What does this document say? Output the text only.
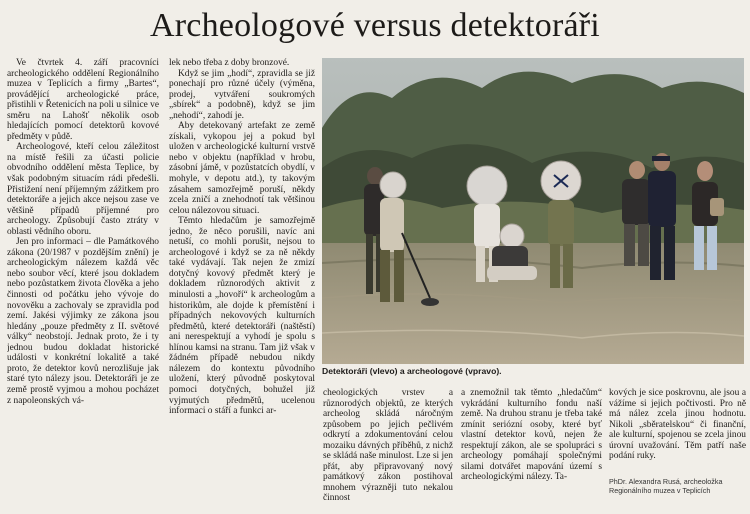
Archeologové versus detektoráři

Ve čtvrtek 4. září pracovníci archeologického oddělení Regionálního muzea v Teplicích a firmy „Bartes“, provádějící archeologické práce, přistihli v Řetenicích na poli u silnice ve směru na Lahošť několik osob hledajících pomocí detektorů kovové předměty v půdě.

Archeologové, kteří celou záležitost na místě řešili za účasti policie obvodního oddělení města Teplice, by však podobným situacím rádi předešli. Přistižení není příjemným zážitkem pro detektoráře a jejich akce nejsou zase ve většině případů příjemné pro archeology. Způsobují často ztráty v oblasti vědního oboru.

Jen pro informaci – dle Památkového zákona (20/1987 v pozdějším znění) je archeologickým nálezem každá věc nebo soubor věcí, které jsou dokladem nebo pozůstatkem života člověka a jeho činnosti od počátku jeho vývoje do novověku a zachovaly se zpravidla pod zemí. Jakési výjimky ze zákona jsou hledány „pouze předměty z II. světové války“ neobstojí. Jednak proto, že i ty jednou budou dokladat historické události v konkrétní lokalitě a také proto, že detektor kovů nerozlišuje jak staré tyto nálezy jsou. Detektoráři je ze země prostě vyjmou a mohou pocházet z napoleonských vá-

lek nebo třeba z doby bronzové.

Když se jim „hodí“, zpravidla se již ponechají pro různé účely (výměna, prodej, vytváření soukromých „sbírek“ a podobně), když se jim „nehodí“, zahodí je.

Aby detekovaný artefakt ze země získali, vykopou jej a pokud byl uložen v archeologické kulturní vrstvě nebo v objektu (například v hrobu, zásobní jámě, v pozůstatcích obydlí, v mohyle, v depotu atd.), ty takovým zásahem samozřejmě poruší, někdy zcela zničí a znehodnotí tak většinou celou nálezovou situaci.

Těmto hledačům je samozřejmě jedno, že něco porušili, navíc ani netuší, co mohli porušit, nejsou to archeologové i když se za ně někdy také vydávají. Tak nejen že zmizí dotyčný kovový předmět který je dokladem různorodých aktivit z minulosti a „hovoří“ k archeologům a historikům, ale dojde k přemístění i případných nekovových kulturních předmětů, které detektoráři (naštěstí) ani nerespektují a vyhodí je spolu s hlínou kamsi na stranu. Tam již však v žádném případě nebudou nikdy nálezem do kontextu původního uložení, který původně poskytoval pomoci dotyčných, bohužel již vyjmutých předmětů, ucelenou informaci o stáří a funkci ar-

Detektoráři (vlevo) a archeologové (vpravo).

cheologických vrstev a různorodých objektů, ze kterých archeolog skládá náročným způsobem po jejich pečlivém odkrytí a zdokumentování celou mozaiku dávných příběhů, z nichž se skládá naše minulost. Lze si jen přát, aby připravovaný nový památkový zákon postihoval mnohem výrazněji tuto nekalou činnost

a znemožnil tak těmto „hledačům“ vykrádání kulturního fondu naší země. Na druhou stranu je třeba také zmínit seriózní osoby, které byť vlastní detektor kovů, nejen že respektují zákon, ale se spolupráci s archeology pomáhají společnými silami dotvářet mapování území s archeologickými nálezy. Ta-

kových je sice poskrovnu, ale jsou a vážíme si jejich počtivosti. Pro ně má nález zcela jinou hodnotu. Nikoli „sběratelskou“ či finanční, ale kulturní, spojenou se zcela jinou úrovní uvažování. Těm patří naše podání ruky.

PhDr. Alexandra Rusá, archeoložka Regionálního muzea v Teplicích
